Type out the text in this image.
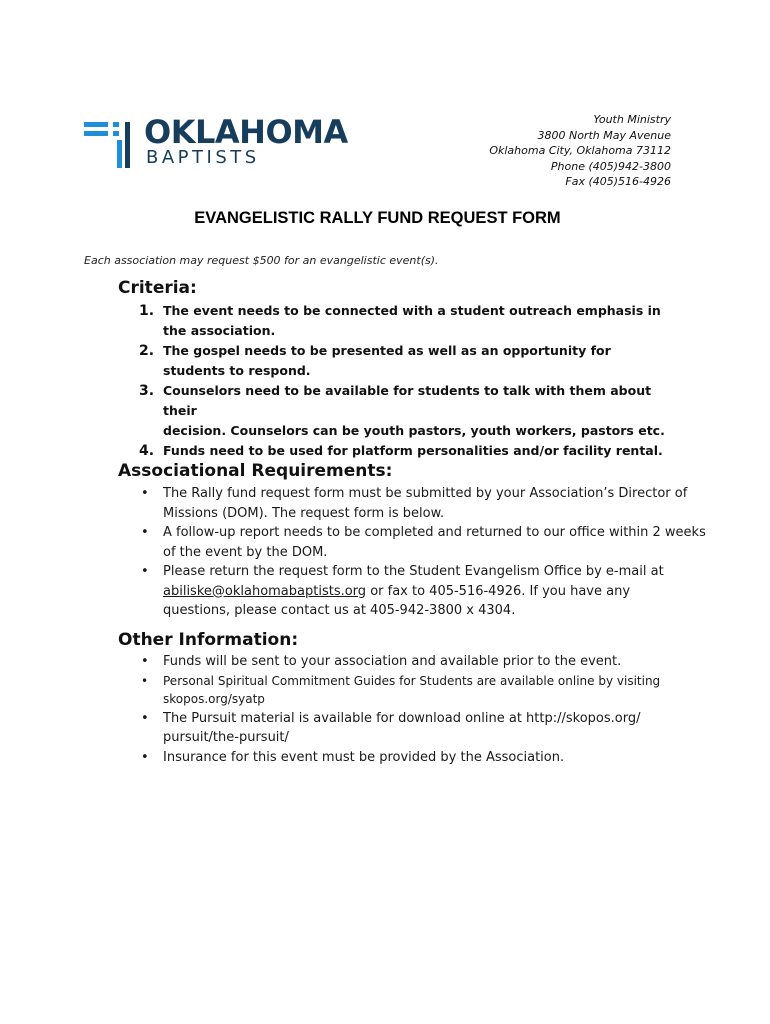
OKLAHOMA
BAPTISTS
Youth Ministry
3800 North May Avenue
Oklahoma City, Oklahoma 73112
Phone (405)942-3800
Fax (405)516-4926
EVANGELISTIC RALLY FUND REQUEST FORM
Each association may request $500 for an evangelistic event(s).
Criteria:
1. The event needs to be connected with a student outreach emphasis in
the association.
2. The gospel needs to be presented as well as an opportunity for
students to respond.
3. Counselors need to be available for students to talk with them about their
decision. Counselors can be youth pastors, youth workers, pastors etc.
4. Funds need to be used for platform personalities and/or facility rental.
Associational Requirements:
• The Rally fund request form must be submitted by your Association’s Director of
Missions (DOM). The request form is below.
• A follow-up report needs to be completed and returned to our office within 2 weeks
of the event by the DOM.
• Please return the request form to the Student Evangelism Office by e-mail at
abiliske@oklahomabaptists.org or fax to 405-516-4926. If you have any
questions, please contact us at 405-942-3800 x 4304.
Other Information:
• Funds will be sent to your association and available prior to the event.
• Personal Spiritual Commitment Guides for Students are available online by visiting
skopos.org/syatp
• The Pursuit material is available for download online at http://skopos.org/
pursuit/the-pursuit/
• Insurance for this event must be provided by the Association.
